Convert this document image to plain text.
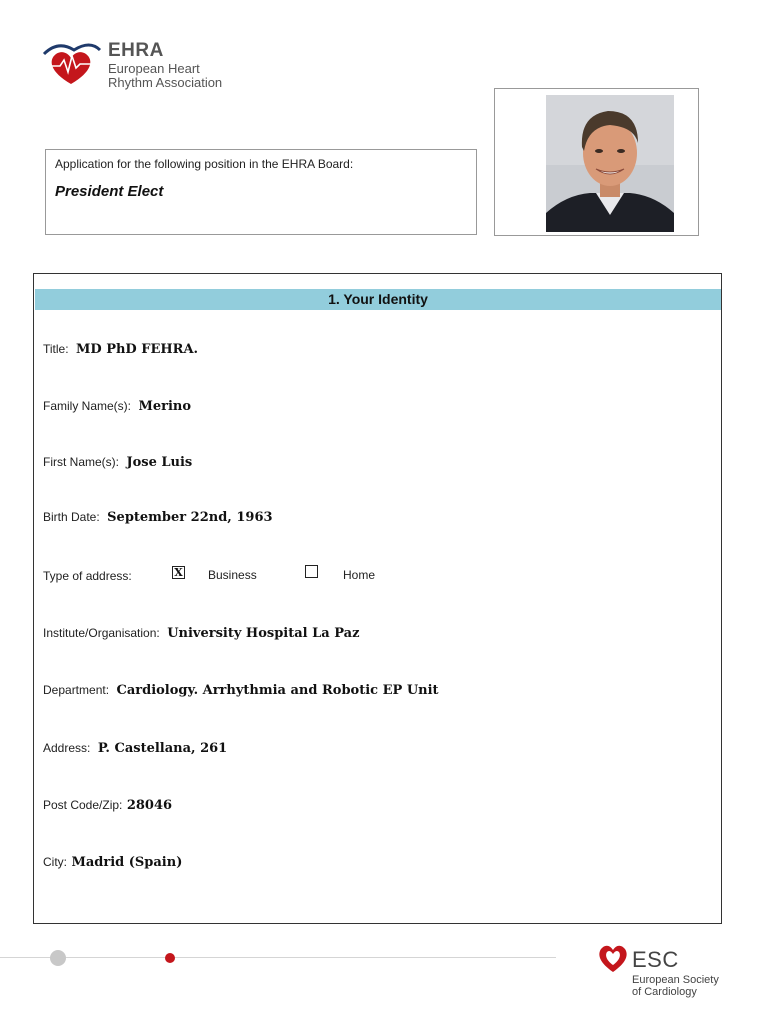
EHRA
European Heart
Rhythm Association
Application for the following position in the EHRA Board:
President Elect
1. Your Identity
Title: MD PhD FEHRA.
Family Name(s): Merino
First Name(s): Jose Luis
Birth Date: September 22nd, 1963
Type of address:	X Business	Home
Institute/Organisation: University Hospital La Paz
Department: Cardiology. Arrhythmia and Robotic EP Unit
Address: P. Castellana, 261
Post Code/Zip: 28046
City: Madrid (Spain)
ESC
European Society
of Cardiology
